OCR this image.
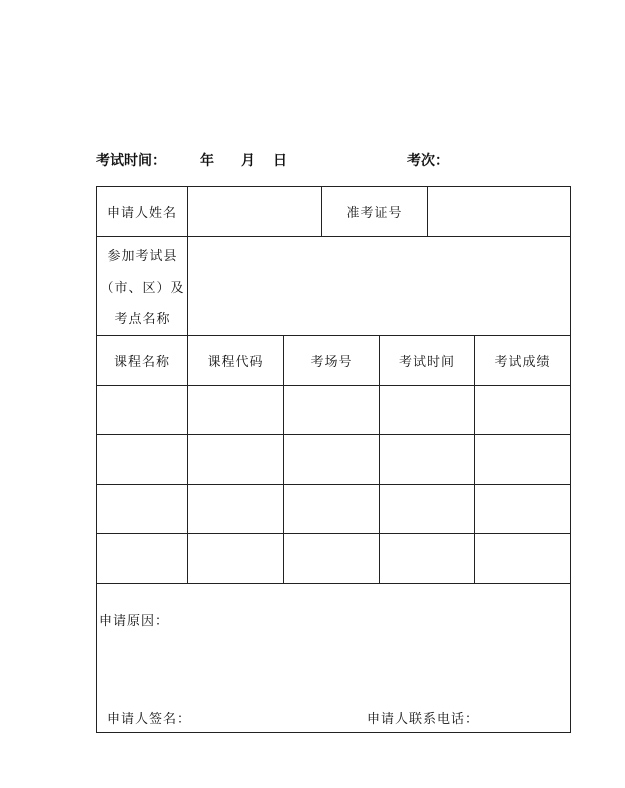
考试时间： 年 月 日	考次：
申请人姓名	准考证号
参加考试县
（市、区）及
考点名称
课程名称	课程代码	考场号	考试时间	考试成绩
申请原因：
申请人签名：	申请人联系电话：
